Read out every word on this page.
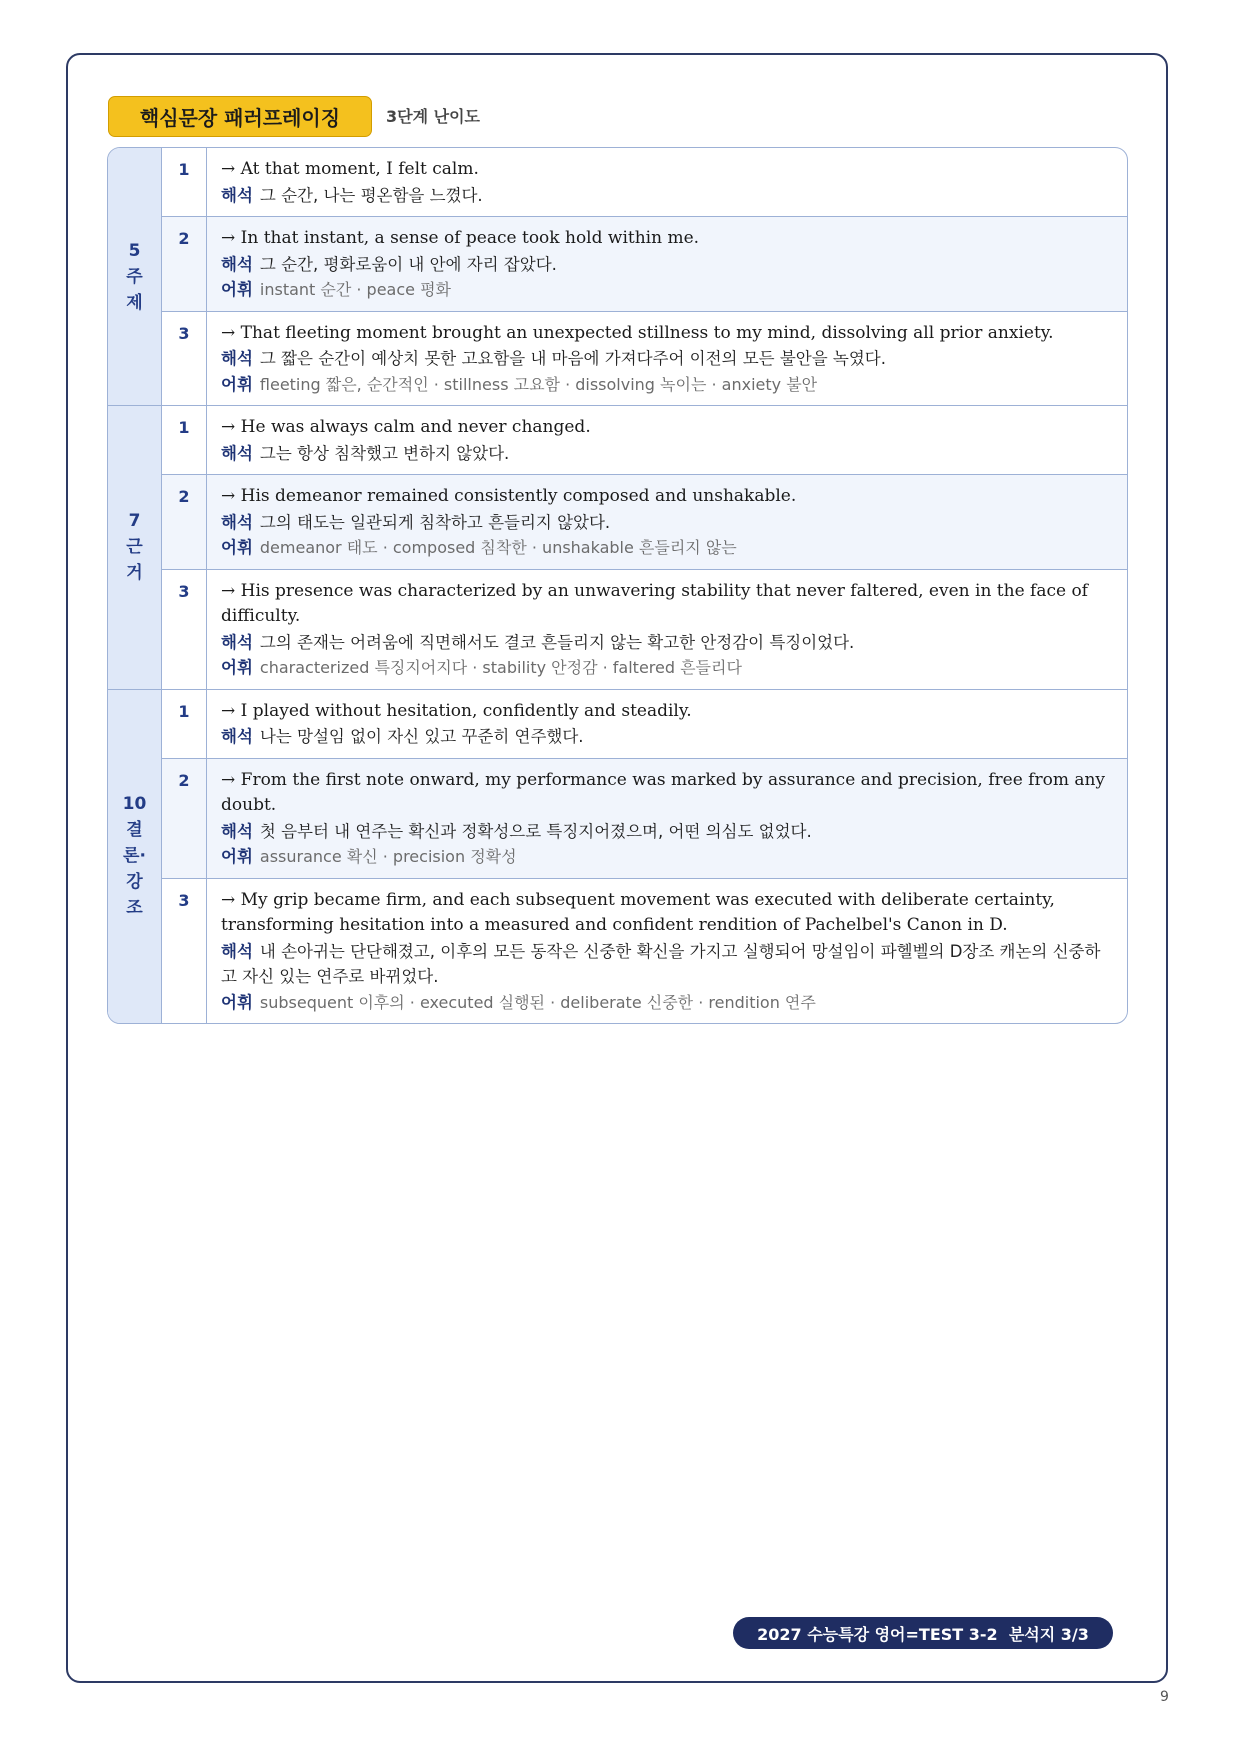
핵심문장 패러프레이징	3단계 난이도
5
주
제
1	→ At that moment, I felt calm.
해석 그 순간, 나는 평온함을 느꼈다.
2	→ In that instant, a sense of peace took hold within me.
해석 그 순간, 평화로움이 내 안에 자리 잡았다.
어휘 instant 순간 · peace 평화
3	→ That fleeting moment brought an unexpected stillness to my mind, dissolving all prior anxiety.
해석 그 짧은 순간이 예상치 못한 고요함을 내 마음에 가져다주어 이전의 모든 불안을 녹였다.
어휘 fleeting 짧은, 순간적인 · stillness 고요함 · dissolving 녹이는 · anxiety 불안
7
근
거
1	→ He was always calm and never changed.
해석 그는 항상 침착했고 변하지 않았다.
2	→ His demeanor remained consistently composed and unshakable.
해석 그의 태도는 일관되게 침착하고 흔들리지 않았다.
어휘 demeanor 태도 · composed 침착한 · unshakable 흔들리지 않는
3	→ His presence was characterized by an unwavering stability that never faltered, even in the face of difficulty.
해석 그의 존재는 어려움에 직면해서도 결코 흔들리지 않는 확고한 안정감이 특징이었다.
어휘 characterized 특징지어지다 · stability 안정감 · faltered 흔들리다
10
결
론·
강
조
1	→ I played without hesitation, confidently and steadily.
해석 나는 망설임 없이 자신 있고 꾸준히 연주했다.
2	→ From the first note onward, my performance was marked by assurance and precision, free from any doubt.
해석 첫 음부터 내 연주는 확신과 정확성으로 특징지어졌으며, 어떤 의심도 없었다.
어휘 assurance 확신 · precision 정확성
3	→ My grip became firm, and each subsequent movement was executed with deliberate certainty, transforming hesitation into a measured and confident rendition of Pachelbel's Canon in D.
해석 내 손아귀는 단단해졌고, 이후의 모든 동작은 신중한 확신을 가지고 실행되어 망설임이 파헬벨의 D장조 캐논의 신중하고 자신 있는 연주로 바뀌었다.
어휘 subsequent 이후의 · executed 실행된 · deliberate 신중한 · rendition 연주
2027 수능특강 영어=TEST 3-2  분석지 3/3
9
